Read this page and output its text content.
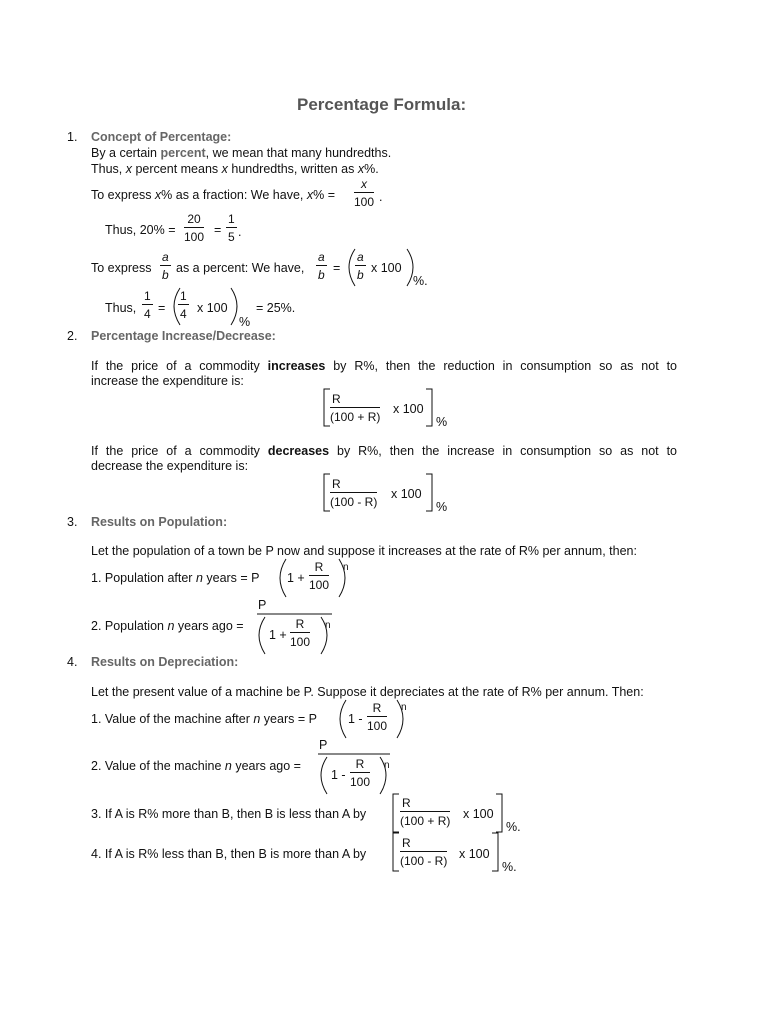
Percentage Formula:
1. Concept of Percentage:
By a certain percent, we mean that many hundredths.
Thus, x percent means x hundredths, written as x%.
To express x% as a fraction: We have, x% =
x
100 .
Thus, 20% =
20
100 =
1
5 .
To express
a
b as a percent: We have,
a
b =
a
b x 100
%.
Thus,
1
4 =
1
4 x 100
%
= 25%.
2. Percentage Increase/Decrease:
If the price of a commodity increases by R%, then the reduction in consumption so as not to
increase the expenditure is:
R
(100 + R)
x 100
%
If the price of a commodity decreases by R%, then the increase in consumption so as not to
decrease the expenditure is:
R
(100 - R)
x 100
%
3. Results on Population:
Let the population of a town be P now and suppose it increases at the rate of R% per annum, then:
1. Population after n years = P 1 +
R
100
n
2. Population n years ago =
P
1 +
R
100
n
4. Results on Depreciation:
Let the present value of a machine be P. Suppose it depreciates at the rate of R% per annum. Then:
1. Value of the machine after n years = P 1 -
R
100
n
2. Value of the machine n years ago =
P
1 -
R
100
n
3. If A is R% more than B, then B is less than A by
R
(100 + R) x 100
%.
4. If A is R% less than B, then B is more than A by
R
(100 - R) x 100
%.
